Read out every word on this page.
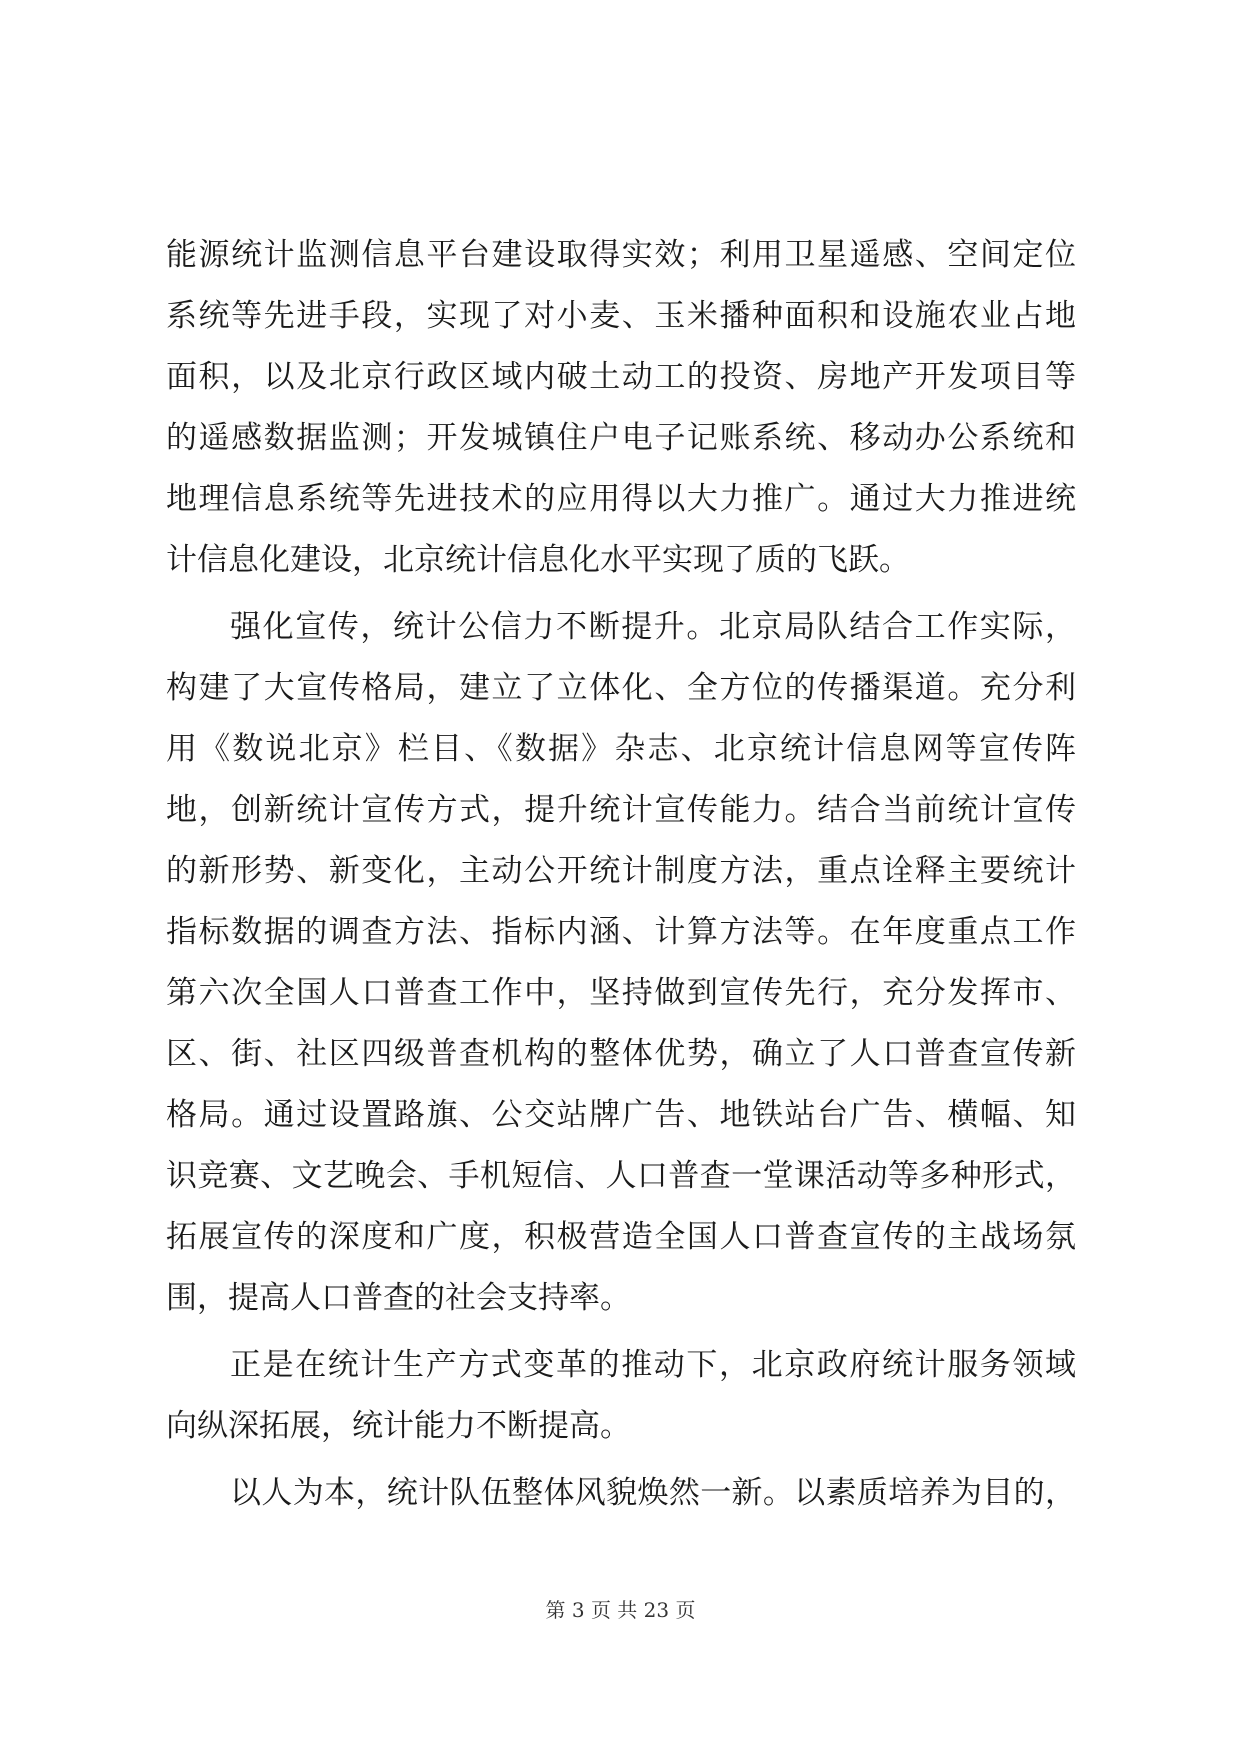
能源统计监测信息平台建设取得实效；利用卫星遥感、空间定位
系统等先进手段，实现了对小麦、玉米播种面积和设施农业占地
面积，以及北京行政区域内破土动工的投资、房地产开发项目等
的遥感数据监测；开发城镇住户电子记账系统、移动办公系统和
地理信息系统等先进技术的应用得以大力推广。通过大力推进统
计信息化建设，北京统计信息化水平实现了质的飞跃。
强化宣传，统计公信力不断提升。北京局队结合工作实际，
构建了大宣传格局，建立了立体化、全方位的传播渠道。充分利
用《数说北京》栏目、《数据》杂志、北京统计信息网等宣传阵
地，创新统计宣传方式，提升统计宣传能力。结合当前统计宣传
的新形势、新变化，主动公开统计制度方法，重点诠释主要统计
指标数据的调查方法、指标内涵、计算方法等。在年度重点工作
第六次全国人口普查工作中，坚持做到宣传先行，充分发挥市、
区、街、社区四级普查机构的整体优势，确立了人口普查宣传新
格局。通过设置路旗、公交站牌广告、地铁站台广告、横幅、知
识竞赛、文艺晚会、手机短信、人口普查一堂课活动等多种形式，
拓展宣传的深度和广度，积极营造全国人口普查宣传的主战场氛
围，提高人口普查的社会支持率。
正是在统计生产方式变革的推动下，北京政府统计服务领域
向纵深拓展，统计能力不断提高。
以人为本，统计队伍整体风貌焕然一新。以素质培养为目的，
第 3 页 共 23 页
